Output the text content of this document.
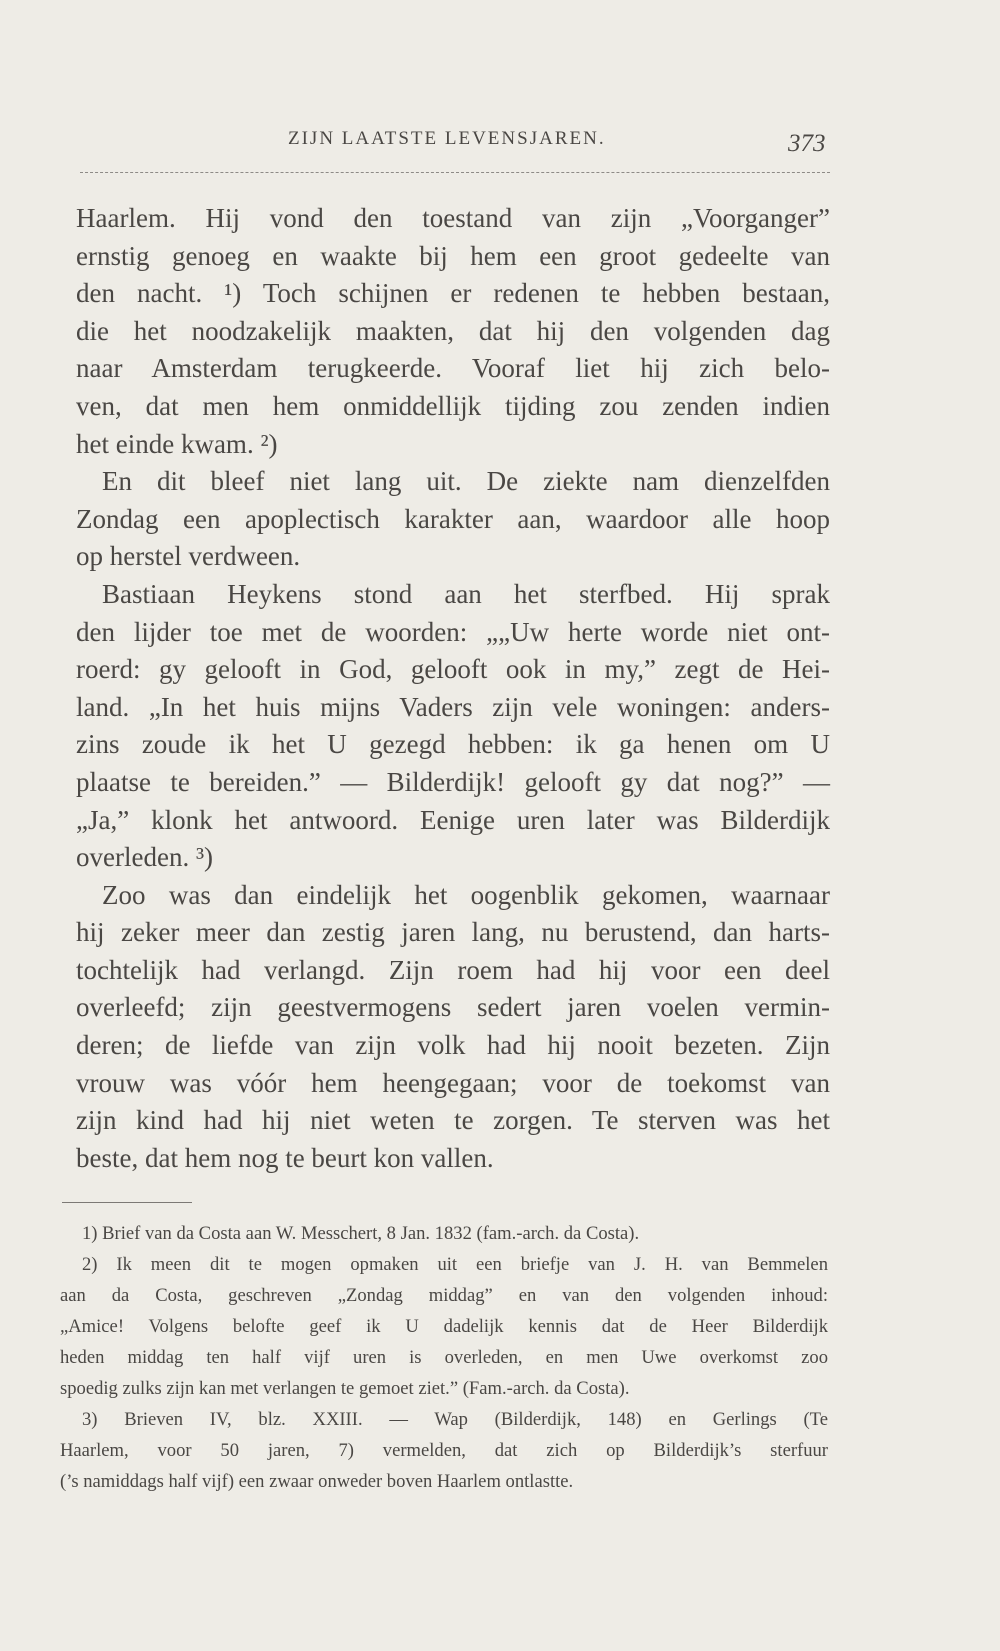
ZIJN LAATSTE LEVENSJAREN.	373
Haarlem. Hij vond den toestand van zijn „Voorganger”
ernstig genoeg en waakte bij hem een groot gedeelte van
den nacht. ¹) Toch schijnen er redenen te hebben bestaan,
die het noodzakelijk maakten, dat hij den volgenden dag
naar Amsterdam terugkeerde. Vooraf liet hij zich belo-
ven, dat men hem onmiddellijk tijding zou zenden indien
het einde kwam. ²)
En dit bleef niet lang uit. De ziekte nam dienzelfden
Zondag een apoplectisch karakter aan, waardoor alle hoop
op herstel verdween.
Bastiaan Heykens stond aan het sterfbed. Hij sprak
den lijder toe met de woorden: „„Uw herte worde niet ont-
roerd: gy gelooft in God, gelooft ook in my,” zegt de Hei-
land. „In het huis mijns Vaders zijn vele woningen: anders-
zins zoude ik het U gezegd hebben: ik ga henen om U
plaatse te bereiden.” — Bilderdijk! gelooft gy dat nog?” —
„Ja,” klonk het antwoord. Eenige uren later was Bilderdijk
overleden. ³)
Zoo was dan eindelijk het oogenblik gekomen, waarnaar
hij zeker meer dan zestig jaren lang, nu berustend, dan harts-
tochtelijk had verlangd. Zijn roem had hij voor een deel
overleefd; zijn geestvermogens sedert jaren voelen vermin-
deren; de liefde van zijn volk had hij nooit bezeten. Zijn
vrouw was vóór hem heengegaan; voor de toekomst van
zijn kind had hij niet weten te zorgen. Te sterven was het
beste, dat hem nog te beurt kon vallen.
1) Brief van da Costa aan W. Messchert, 8 Jan. 1832 (fam.-arch. da Costa).
2) Ik meen dit te mogen opmaken uit een briefje van J. H. van Bemmelen
aan da Costa, geschreven „Zondag middag” en van den volgenden inhoud:
„Amice! Volgens belofte geef ik U dadelijk kennis dat de Heer Bilderdijk
heden middag ten half vijf uren is overleden, en men Uwe overkomst zoo
spoedig zulks zijn kan met verlangen te gemoet ziet.” (Fam.-arch. da Costa).
3) Brieven IV, blz. XXIII. — Wap (Bilderdijk, 148) en Gerlings (Te
Haarlem, voor 50 jaren, 7) vermelden, dat zich op Bilderdijk’s sterfuur
(’s namiddags half vijf) een zwaar onweder boven Haarlem ontlastte.
